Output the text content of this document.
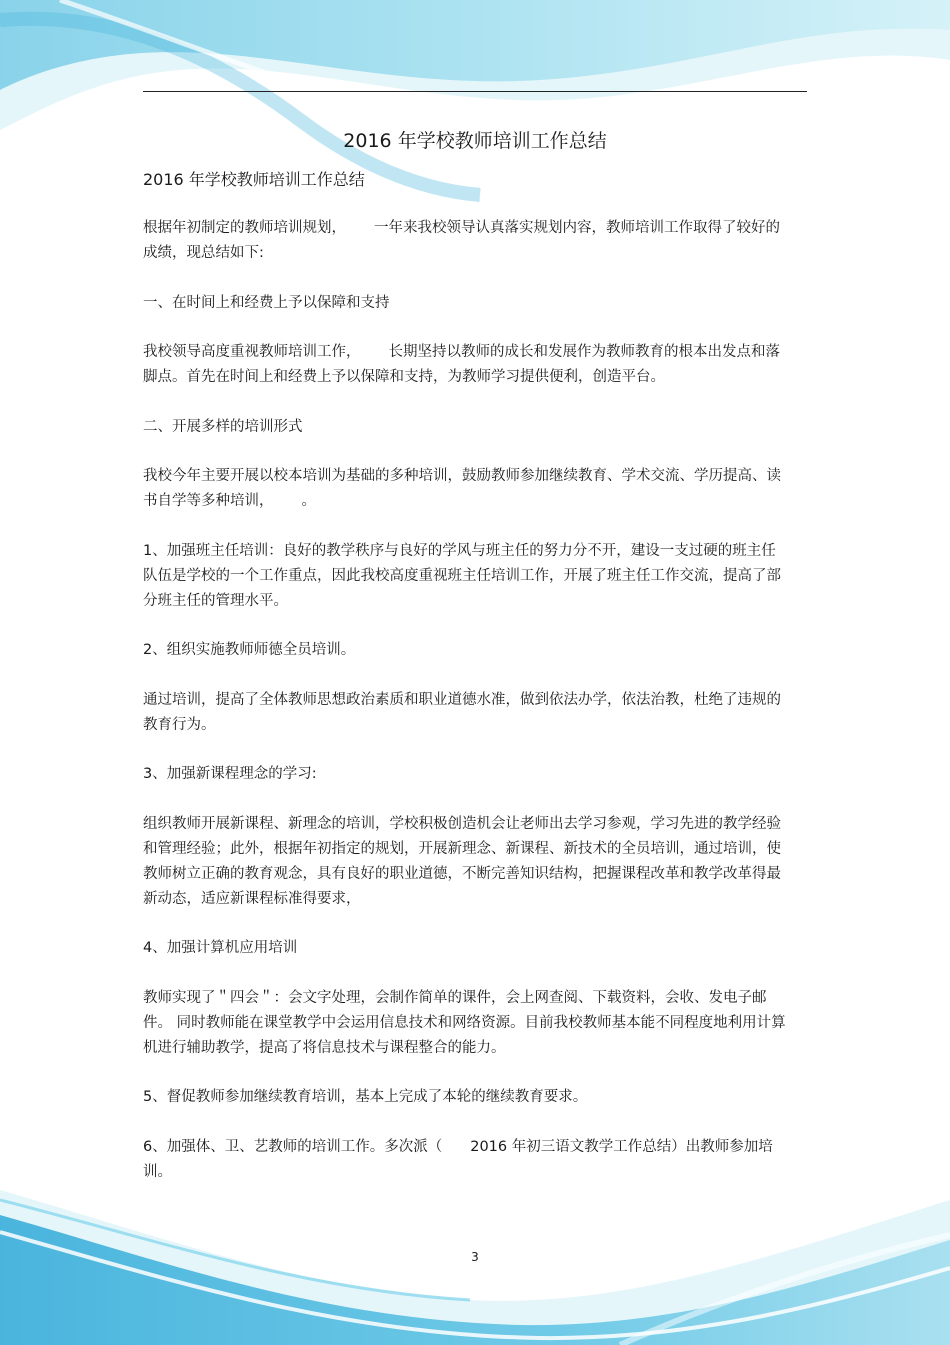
2016 年学校教师培训工作总结
2016 年学校教师培训工作总结

根据年初制定的教师培训规划， 一年来我校领导认真落实规划内容，教师培训工作取得了较好的成绩，现总结如下:

一、在时间上和经费上予以保障和支持

我校领导高度重视教师培训工作， 长期坚持以教师的成长和发展作为教师教育的根本出发点和落脚点。首先在时间上和经费上予以保障和支持，为教师学习提供便利，创造平台。

二、开展多样的培训形式

我校今年主要开展以校本培训为基础的多种培训，鼓励教师参加继续教育、学术交流、学历提高、读书自学等多种培训， 。

1、加强班主任培训：良好的教学秩序与良好的学风与班主任的努力分不开，建设一支过硬的班主任队伍是学校的一个工作重点，因此我校高度重视班主任培训工作，开展了班主任工作交流，提高了部分班主任的管理水平。

2、组织实施教师师德全员培训。

通过培训，提高了全体教师思想政治素质和职业道德水准，做到依法办学，依法治教，杜绝了违规的教育行为。

3、加强新课程理念的学习:

组织教师开展新课程、新理念的培训，学校积极创造机会让老师出去学习参观，学习先进的教学经验和管理经验；此外，根据年初指定的规划，开展新理念、新课程、新技术的全员培训，通过培训，使教师树立正确的教育观念，具有良好的职业道德，不断完善知识结构，把握课程改革和教学改革得最新动态，适应新课程标准得要求，

4、加强计算机应用培训

教师实现了＂四会＂：会文字处理，会制作简单的课件，会上网查阅、下载资料，会收、发电子邮件。 同时教师能在课堂教学中会运用信息技术和网络资源。目前我校教师基本能不同程度地利用计算机进行辅助教学，提高了将信息技术与课程整合的能力。

5、督促教师参加继续教育培训，基本上完成了本轮的继续教育要求。

6、加强体、卫、艺教师的培训工作。多次派（ 2016 年初三语文教学工作总结）出教师参加培训。

3
